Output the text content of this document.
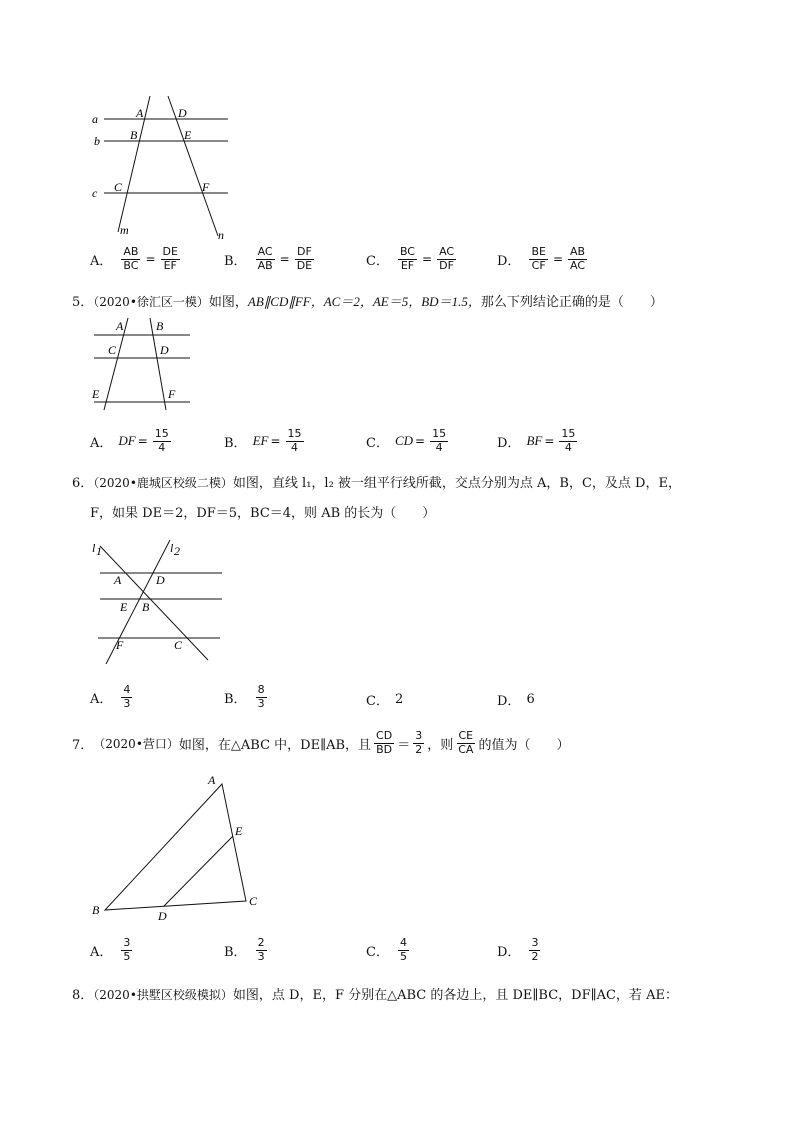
a
b
c
A	D
B	E
C	F
m	n
A． $\frac{AB}{BC} = \frac{DE}{EF}$	B． $\frac{AC}{AB} = \frac{DF}{DE}$	C． $\frac{BC}{EF} = \frac{AC}{DF}$	D． $\frac{BE}{CF} = \frac{AB}{AC}$
5．（2020•徐汇区一模）如图，AB∥CD∥FF，AC＝2，AE＝5，BD＝1.5，那么下列结论正确的是（　　）
A	B
C	D
E	F
A． DF = $\frac{15}{4}$	B． EF = $\frac{15}{4}$	C． CD = $\frac{15}{4}$	D． BF = $\frac{15}{4}$
6．（2020•鹿城区校级二模）如图，直线 l₁，l₂ 被一组平行线所截，交点分别为点 A，B，C，及点 D，E，
F，如果 DE＝2，DF＝5，BC＝4，则 AB 的长为（　　）
l 1	l 2
A	D
E B
F	C
A． $\frac{4}{3}$	B． $\frac{8}{3}$	C． 2	D． 6
7． （2020•营口） 如图，在△ABC 中，DE∥AB，且 $\frac{CD}{BD} = \frac{3}{2}$ ，则 $\frac{CE}{CA}$ 的值为（　　）
A
E
B	D
C
A． $\frac{3}{5}$	B． $\frac{2}{3}$	C． $\frac{4}{5}$	D． $\frac{3}{2}$
8．（2020•拱墅区校级模拟）如图，点 D，E，F 分别在△ABC 的各边上，且 DE∥BC，DF∥AC，若 AE：
